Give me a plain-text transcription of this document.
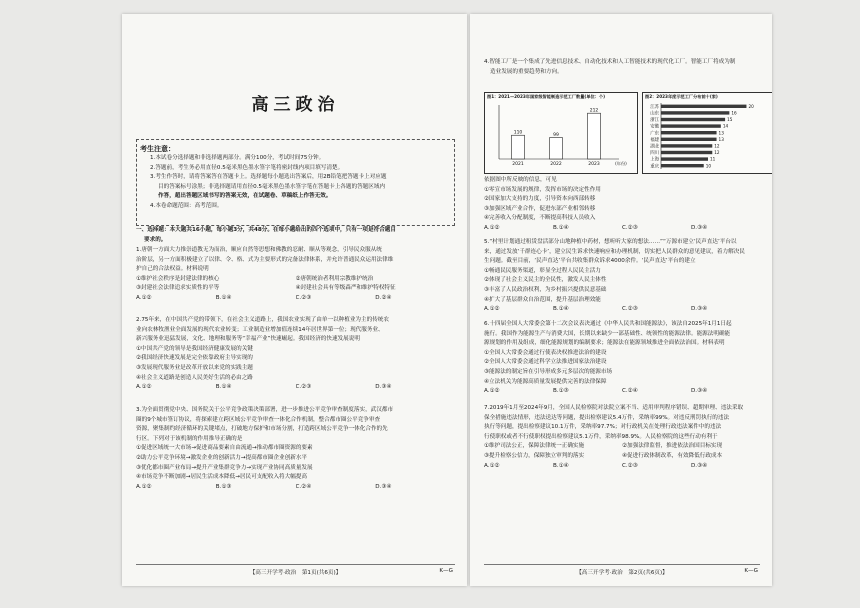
高三政治
考生注意：
1.本试卷分选择题和非选择题两部分。满分100分，考试时间75分钟。
2.答题前，考生务必用直径0.5毫米黑色墨水签字笔将密封线内项目填写清楚。
3.考生作答时，请将答案答在答题卡上。选择题每小题选出答案后，用2B铅笔把答题卡上对应题
目的答案标号涂黑；非选择题请用直径0.5毫米黑色墨水签字笔在答题卡上各题的答题区域内
作答，超出答题区域书写的答案无效，在试题卷、草稿纸上作答无效。
4.本卷命题范围：高考范围。
一、选择题：本大题共16小题，每小题3分，共48分。在每小题给出的四个选项中，只有一项是符合题目
要求的。
1.唐朝一方面大力推崇道教无为而治，顺应自然等思想和佛教的忍耐、顺从等观念，引导民众服从统
治阶层，另一方面积极建立了以律、令、格、式为主要形式的完备法律体系，并允许普通民众运用法律维
护自己的合法权益。材料说明
①维护社会秩序是封建法律的核心	②唐朝统治者利用宗教维护统治
③封建社会法律追求实质性的平等	④封建社会具有等级森严和维护特权特征
A.①②	B.①④	C.②③	D.②④
2.75年来，在中国共产党的带领下，在社会主义道路上，我国农业实现了由单一以种植业为主的传统农
业向农林牧渔业全面发展的现代农业转变；工业制造业增加值连续14年居世界第一位；现代服务业、
新兴服务业迅猛发展，文化、地理和服务等“幸福产业”快速崛起。我国经济的快速发展说明
①中国共产党的领导是我国经济健康发展的关键
②我国经济快速发展是完全依靠政府主导实现的
③发展现代服务业是改革开放以来党的实践主题
④社会主义道路是创造人民美好生活的必由之路
A.①②	B.①④	C.②③	D.③④
3.为全面贯彻党中央、国务院关于公平竞争政策决策部署，进一步推进公平竞争审查制度落实，武汉都市
圈的9个城市签订协议，将探索建立跨区域公平竞争审查一体化合作机制，整合都市圈公平竞争审查
资源，聚集制约经济循环的关键堵点，打破地方保护和市场分割，打造跨区域公平竞争一体化合作的先
行区。下列对于该机制的作用推导正确的是
①促进区域统一大市场→促进商品要素自由流通→推动都市圈资源的要素
②助力公平竞争环境→激发企业的创新活力→提高都市圈企业创新水平
③优化都市圈产业布局→提升产业集群竞争力→实现产业协同高质量发展
④市场竞争不断加剧→居民生活成本降低→居民可支配收入将大幅提高
A.①②	B.①③	C.②④	D.③④
【高三开学考·政治　第1页(共6页)】	K—G
4.智能工厂是一个集成了先进信息技术、自动化技术和人工智能技术的现代化工厂。智能工厂将成为制
造业发展的重要趋势和方向。
图1：2021—2023年国家级智能制造示范工厂数量(单位：个)
110
2021
99
2022
212
2023	(年份)
图2：2023年度示范工厂分布前十(家)
江苏	20
山东	16
浙江	15
安徽	14
广东	13
福建	13
湖北	12
四川	12
上海	11
重庆	10
依据图中所反映的信息，可见
①零宣市场发展的规律，发挥市场的决定性作用
②国家加大支持的力度，引导资本向西部转移
③加强区域产业合作，促进东部产业相邻转移
④完善收入分配制度，不断提高科技人员收入
A.①②	B.①④	C.②③	D.③④
5.“村里计划通过租赁盘活部分山地种植中药材，想听听大家的想法……”“万源市建立‘民声直达’平台以
来，通过发放‘千群连心卡’，建立民生诉求快速响应和办理机制，切实把人民群众的意见建议，着力解决民
生问题。截至目前，‘民声直达’平台共收集群众诉求4000余件。‘民声直达’平台的建立
①畅通民民服务渠道，彰显全过程人民民主活力
②体现了社会主义民主的全民性，激发人民主体性
③丰富了人民政治权利，为乡村振兴提供民意基础
④扩大了基层群众自治范围，提升基层治理效能
A.①②	B.①④	C.②③	D.③④
6.十四届全国人大常委会第十二次会议表决通过《中华人民共和国能源法》，该法自2025年1月1日起
施行。我国作为能源生产与消费大国，长期以来缺少一部基础性、统领性的能源法律。能源法明确能
源规划的作用及组成，细化能源规划的编制要求；能源法在能源领域推进全面依法治国。材料表明
①全国人大常委会通过行使表决权推进法治的建设
②全国人大常委会通过科学立法推进国家法治建设
③能源法的制定旨在引导形成多元多层次的能源市场
④立法机关为能源高质量发展提供完善的法律保障
A.①②	B.①③	C.②④	D.③④
7.2019年1月至2024年9月，全国人民检察院对法院立案不当、适用审判程序错误、超期审理、违法采取
保全措施违法情形，违法送达等问题，提出检察建议5.4万件，采纳率99%。对违反刑罚执行的违法
执行等问题，提出检察建议10.1万件，采纳率97.7%；对行政机关在处理行政违法案件中的违法
行使职权或者不行使职权提出检察建议5.1万件，采纳率98.9%。人民检察院的这些行动有利于
①维护司法公正，保障法律统一正确实施	②加强法律监督，推进依法治国目标实现
③提升检察公信力，保障独立审判的落实	④促进行政体制改革，有效降低行政成本
A.①②	B.①④	C.②③	D.③④
【高三开学考·政治　第2页(共6页)】	K—G
